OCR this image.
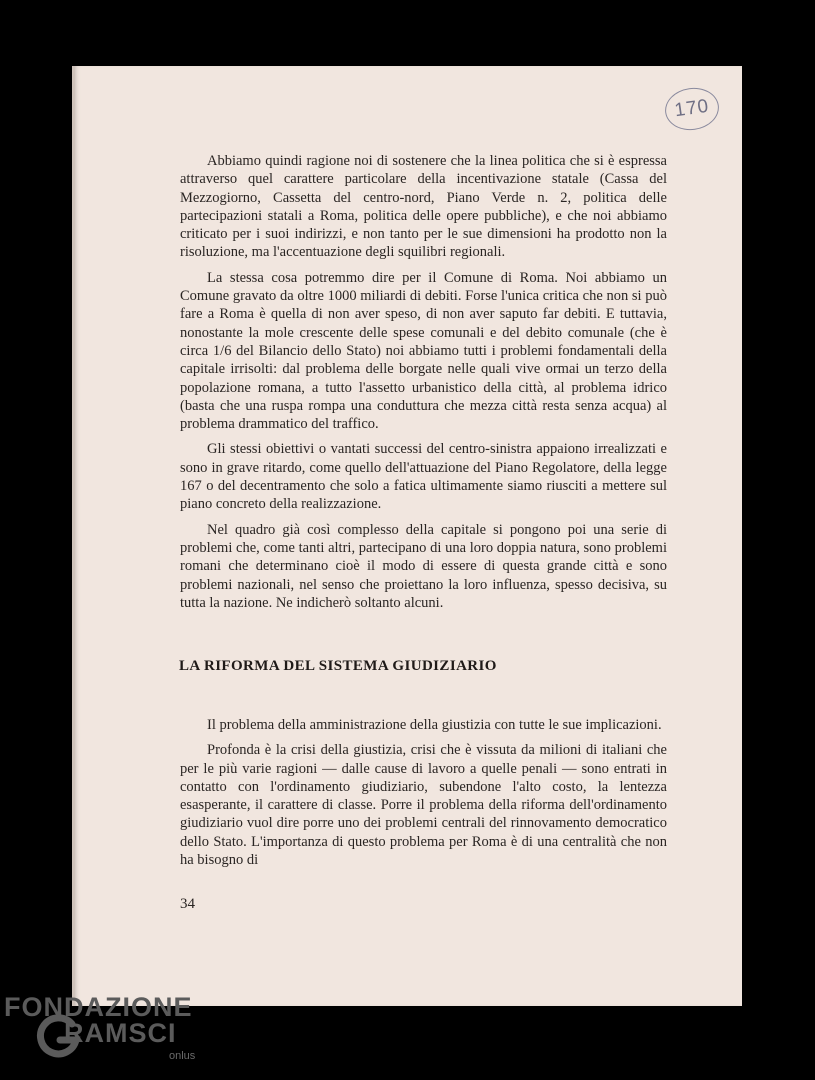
170

Abbiamo quindi ragione noi di sostenere che la linea politica che si è espressa attraverso quel carattere particolare della incentivazione statale (Cassa del Mezzogiorno, Cassetta del centro-nord, Piano Verde n. 2, politica delle partecipazioni statali a Roma, politica delle opere pubbliche), e che noi abbiamo criticato per i suoi indirizzi, e non tanto per le sue dimensioni ha prodotto non la risoluzione, ma l'accentuazione degli squilibri regionali.

La stessa cosa potremmo dire per il Comune di Roma. Noi abbiamo un Comune gravato da oltre 1000 miliardi di debiti. Forse l'unica critica che non si può fare a Roma è quella di non aver speso, di non aver saputo far debiti. E tuttavia, nonostante la mole crescente delle spese comunali e del debito comunale (che è circa 1/6 del Bilancio dello Stato) noi abbiamo tutti i problemi fondamentali della capitale irrisolti: dal problema delle borgate nelle quali vive ormai un terzo della popolazione romana, a tutto l'assetto urbanistico della città, al problema idrico (basta che una ruspa rompa una conduttura che mezza città resta senza acqua) al problema drammatico del traffico.

Gli stessi obiettivi o vantati successi del centro-sinistra appaiono irrealizzati e sono in grave ritardo, come quello dell'attuazione del Piano Regolatore, della legge 167 o del decentramento che solo a fatica ultimamente siamo riusciti a mettere sul piano concreto della realizzazione.

Nel quadro già così complesso della capitale si pongono poi una serie di problemi che, come tanti altri, partecipano di una loro doppia natura, sono problemi romani che determinano cioè il modo di essere di questa grande città e sono problemi nazionali, nel senso che proiettano la loro influenza, spesso decisiva, su tutta la nazione. Ne indicherò soltanto alcuni.

LA RIFORMA DEL SISTEMA GIUDIZIARIO

Il problema della amministrazione della giustizia con tutte le sue implicazioni.

Profonda è la crisi della giustizia, crisi che è vissuta da milioni di italiani che per le più varie ragioni — dalle cause di lavoro a quelle penali — sono entrati in contatto con l'ordinamento giudiziario, subendone l'alto costo, la lentezza esasperante, il carattere di classe. Porre il problema della riforma dell'ordinamento giudiziario vuol dire porre uno dei problemi centrali del rinnovamento democratico dello Stato. L'importanza di questo problema per Roma è di una centralità che non ha bisogno di

34
FONDAZIONE
RAMSCI
onlus
